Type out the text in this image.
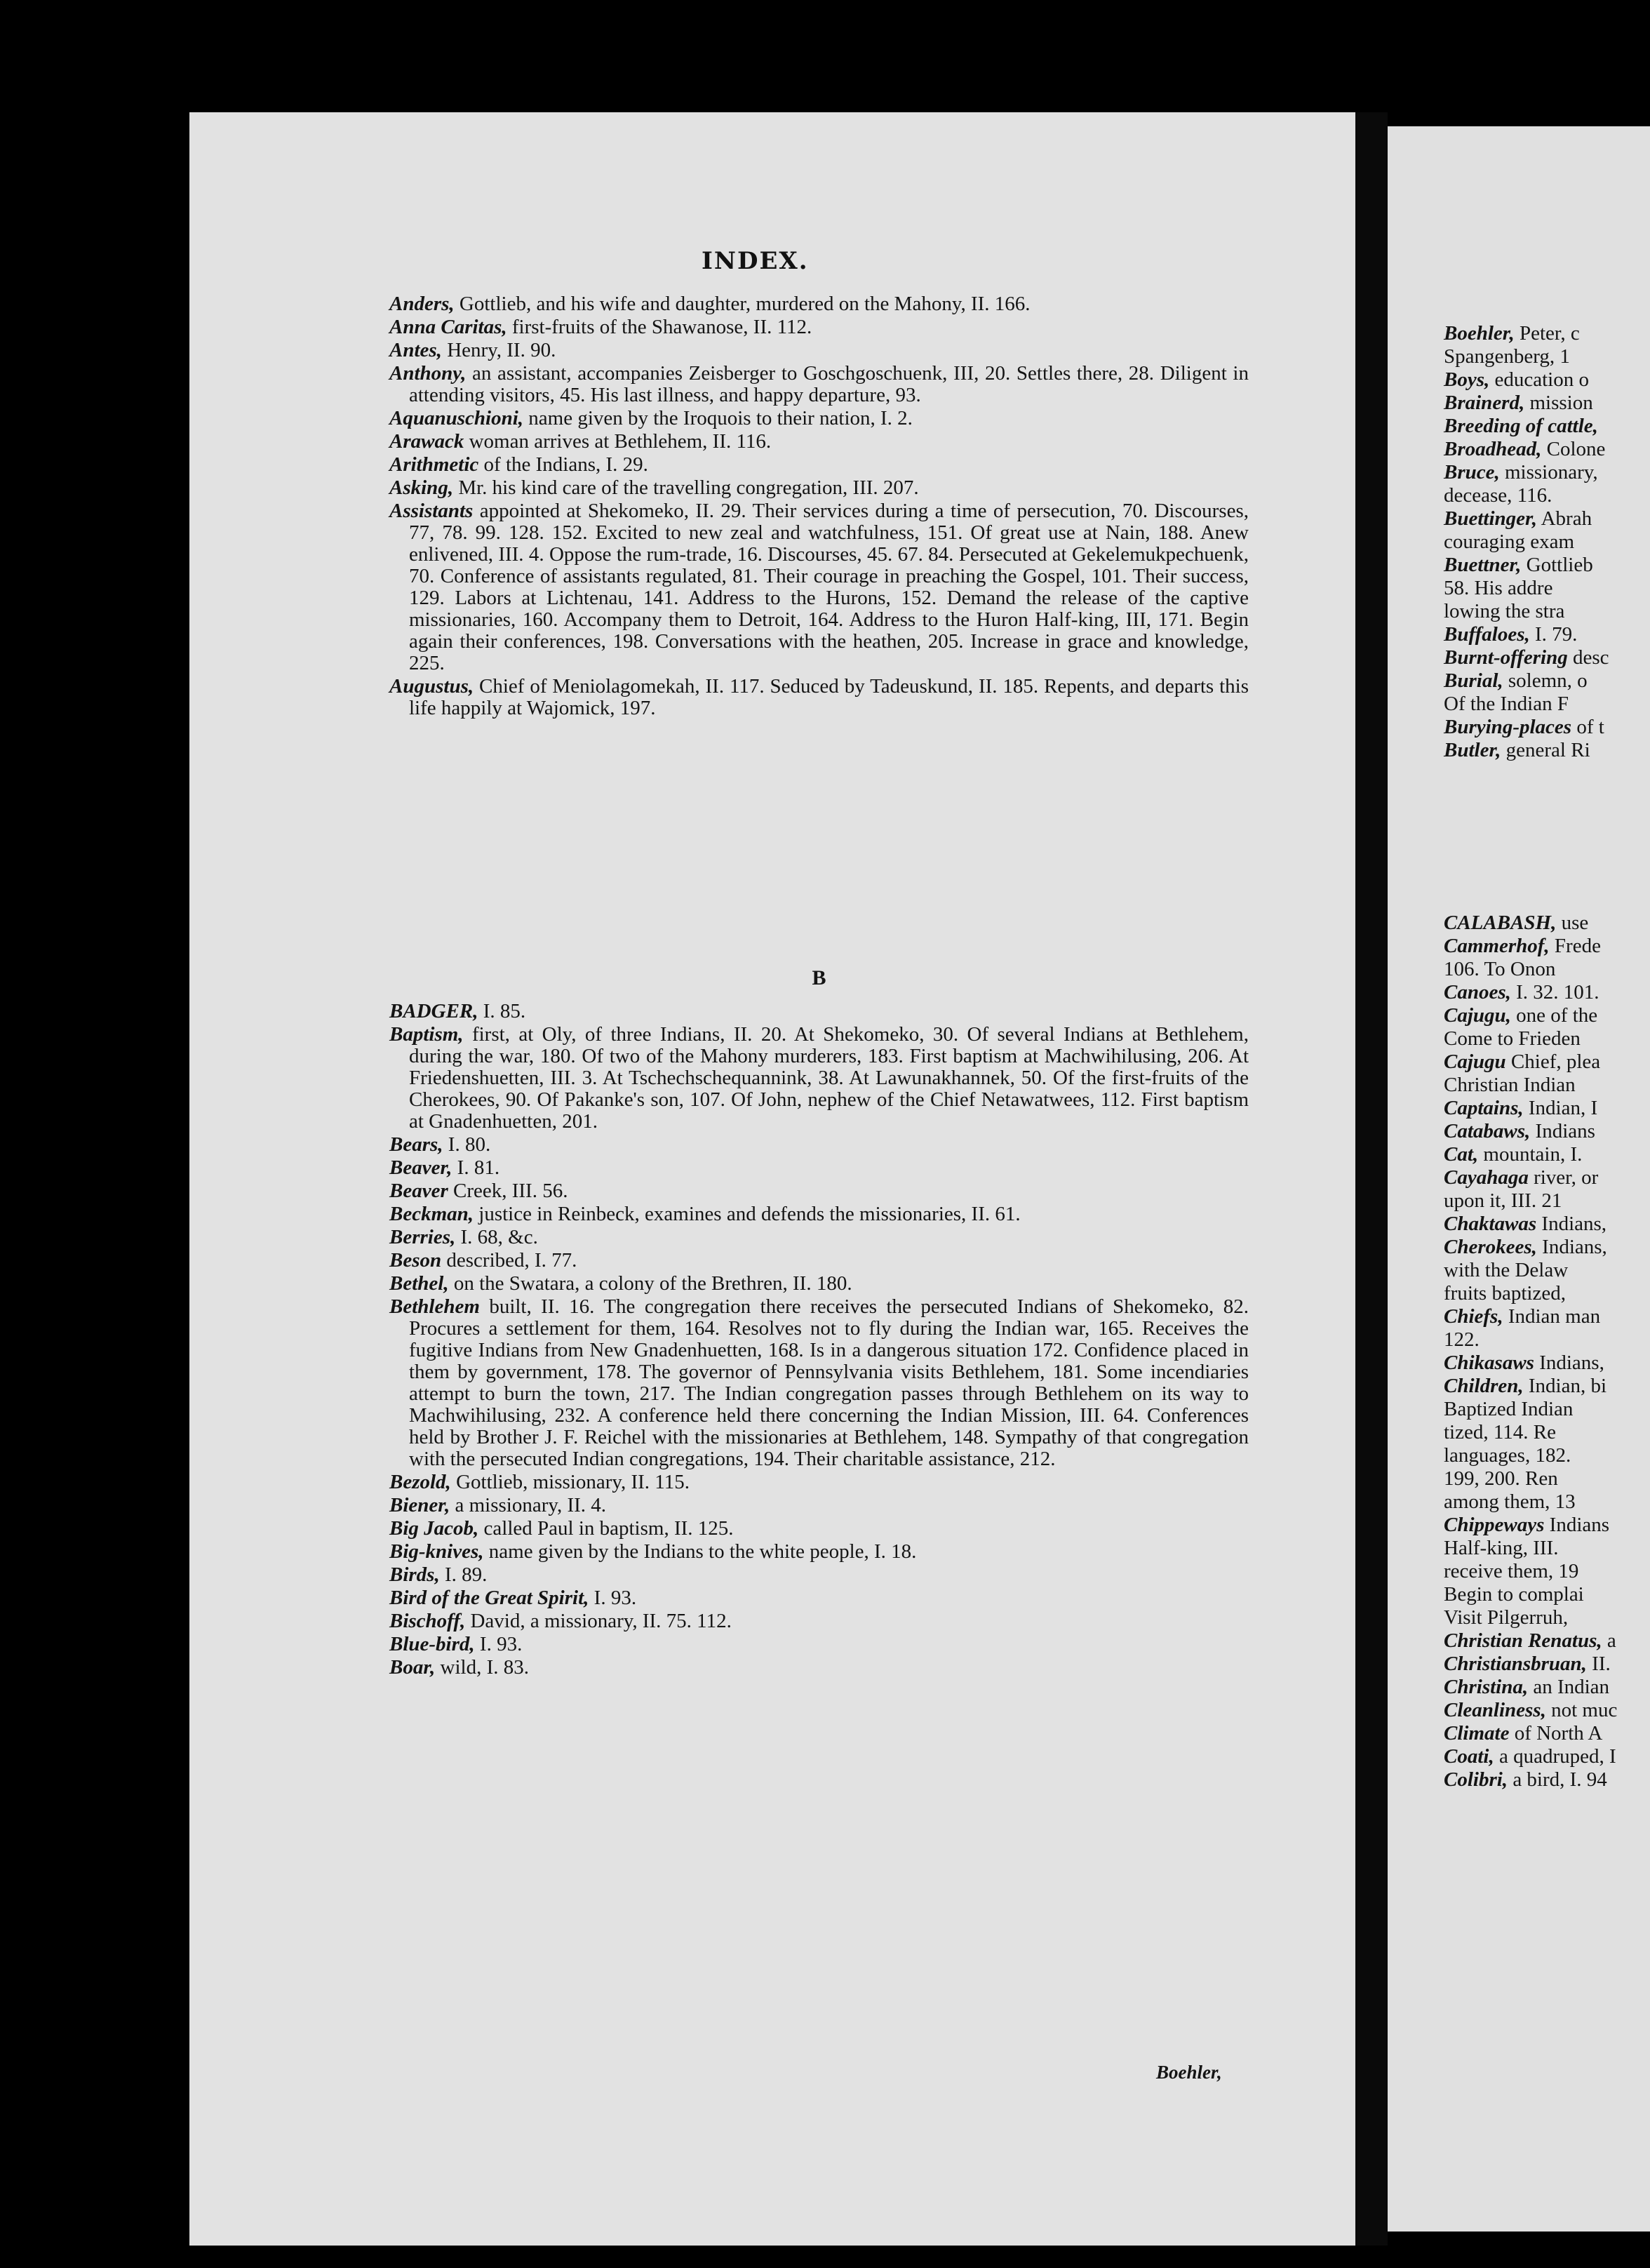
INDEX.

Anders, Gottlieb, and his wife and daughter, murdered on the Mahony, II. 166.

Anna Caritas, first-fruits of the Shawanose, II. 112.

Antes, Henry, II. 90.

Anthony, an assistant, accompanies Zeisberger to Goschgoschuenk, III, 20. Settles there, 28. Diligent in attending visitors, 45. His last illness, and happy departure, 93.

Aquanuschioni, name given by the Iroquois to their nation, I. 2.

Arawack woman arrives at Bethlehem, II. 116.

Arithmetic of the Indians, I. 29.

Asking, Mr. his kind care of the travelling congregation, III. 207.

Assistants appointed at Shekomeko, II. 29. Their services during a time of persecution, 70. Discourses, 77, 78. 99. 128. 152. Excited to new zeal and watchfulness, 151. Of great use at Nain, 188. Anew enlivened, III. 4. Oppose the rum-trade, 16. Discourses, 45. 67. 84. Persecuted at Gekelemukpechuenk, 70. Conference of assistants regulated, 81. Their courage in preaching the Gospel, 101. Their success, 129. Labors at Lichtenau, 141. Address to the Hurons, 152. Demand the release of the captive missionaries, 160. Accompany them to Detroit, 164. Address to the Huron Half-king, III, 171. Begin again their conferences, 198. Conversations with the heathen, 205. Increase in grace and knowledge, 225.

Augustus, Chief of Meniolagomekah, II. 117. Seduced by Tadeuskund, II. 185. Repents, and departs this life happily at Wajomick, 197.

B

BADGER, I. 85.

Baptism, first, at Oly, of three Indians, II. 20. At Shekomeko, 30. Of several Indians at Bethlehem, during the war, 180. Of two of the Mahony murderers, 183. First baptism at Machwihilusing, 206. At Friedenshuetten, III. 3. At Tschechschequannink, 38. At Lawunakhannek, 50. Of the first-fruits of the Cherokees, 90. Of Pakanke's son, 107. Of John, nephew of the Chief Netawatwees, 112. First baptism at Gnadenhuetten, 201.

Bears, I. 80.

Beaver, I. 81.

Beaver Creek, III. 56.

Beckman, justice in Reinbeck, examines and defends the missionaries, II. 61.

Berries, I. 68, &c.

Beson described, I. 77.

Bethel, on the Swatara, a colony of the Brethren, II. 180.

Bethlehem built, II. 16. The congregation there receives the persecuted Indians of Shekomeko, 82. Procures a settlement for them, 164. Resolves not to fly during the Indian war, 165. Receives the fugitive Indians from New Gnadenhuetten, 168. Is in a dangerous situation 172. Confidence placed in them by government, 178. The governor of Pennsylvania visits Bethlehem, 181. Some incendiaries attempt to burn the town, 217. The Indian congregation passes through Bethlehem on its way to Machwihilusing, 232. A conference held there concerning the Indian Mission, III. 64. Conferences held by Brother J. F. Reichel with the missionaries at Bethlehem, 148. Sympathy of that congregation with the persecuted Indian congregations, 194. Their charitable assistance, 212.

Bezold, Gottlieb, missionary, II. 115.

Biener, a missionary, II. 4.

Big Jacob, called Paul in baptism, II. 125.

Big-knives, name given by the Indians to the white people, I. 18.

Birds, I. 89.

Bird of the Great Spirit, I. 93.

Bischoff, David, a missionary, II. 75. 112.

Blue-bird, I. 93.

Boar, wild, I. 83.

Boehler,

Boehler, Peter, c

Spangenberg, 1

Boys, education o

Brainerd, mission

Breeding of cattle,

Broadhead, Colone

Bruce, missionary,

decease, 116.

Buettinger, Abrah

couraging exam

Buettner, Gottlieb

58. His addre

lowing the stra

Buffaloes, I. 79.

Burnt-offering desc

Burial, solemn, o

Of the Indian F

Burying-places of t

Butler, general Ri

CALABASH, use

Cammerhof, Frede

106. To Onon

Canoes, I. 32. 101.

Cajugu, one of the

Come to Frieden

Cajugu Chief, plea

Christian Indian

Captains, Indian, I

Catabaws, Indians

Cat, mountain, I.

Cayahaga river, or

upon it, III. 21

Chaktawas Indians,

Cherokees, Indians,

with the Delaw

fruits baptized,

Chiefs, Indian man

122.

Chikasaws Indians,

Children, Indian, bi

Baptized Indian

tized, 114. Re

languages, 182.

199, 200. Ren

among them, 13

Chippeways Indians

Half-king, III.

receive them, 19

Begin to complai

Visit Pilgerruh,

Christian Renatus, a

Christiansbruan, II.

Christina, an Indian

Cleanliness, not muc

Climate of North A

Coati, a quadruped, I

Colibri, a bird, I. 94
